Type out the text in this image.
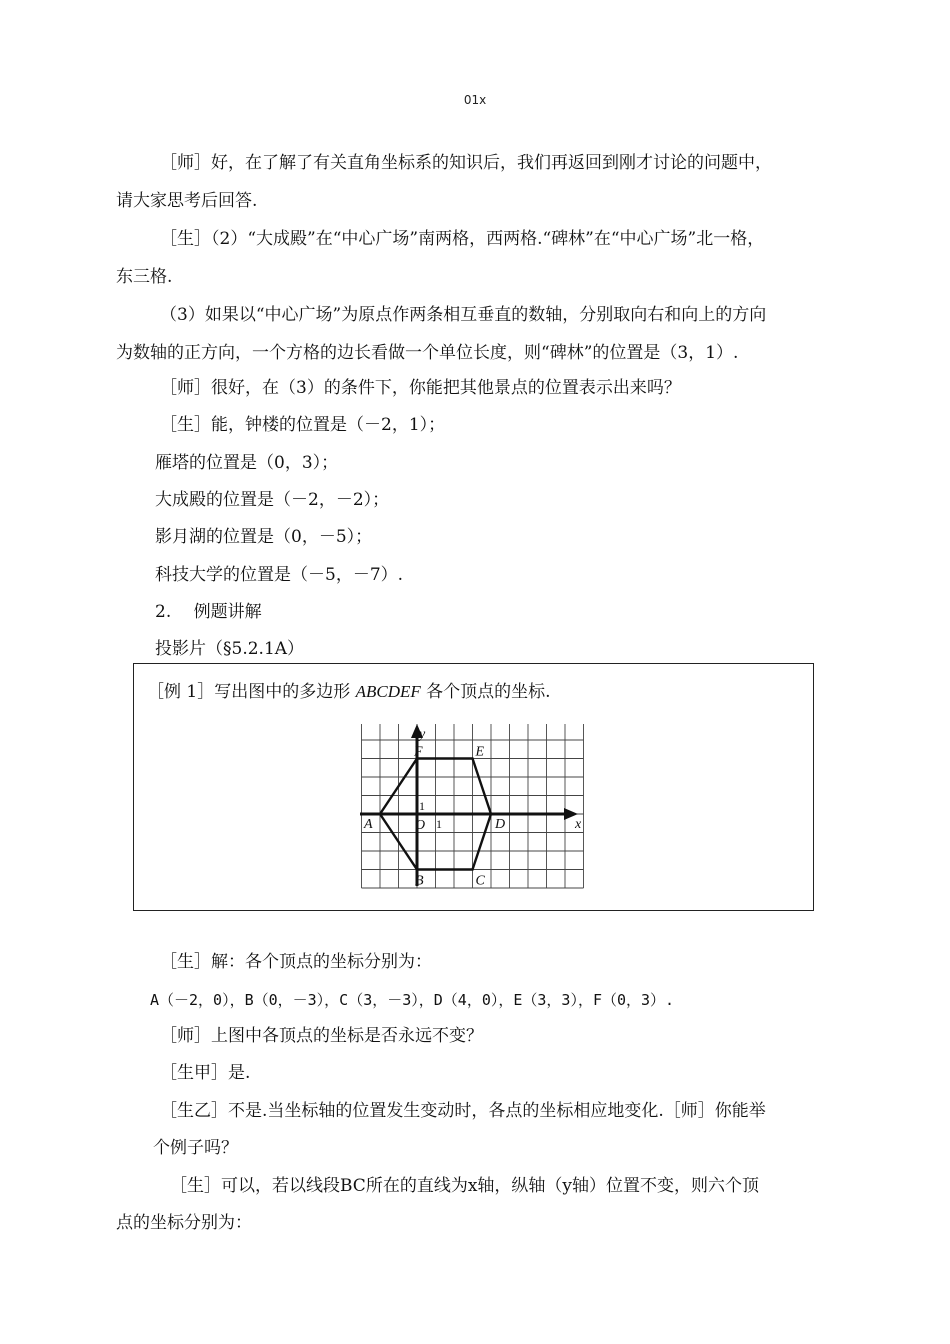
01x
［师］好，在了解了有关直角坐标系的知识后，我们再返回到刚才讨论的问题中，
请大家思考后回答.
［生］（2）“大成殿”在“中心广场”南两格，西两格.“碑林”在“中心广场”北一格，
东三格.
（3）如果以“中心广场”为原点作两条相互垂直的数轴，分别取向右和向上的方向
为数轴的正方向，一个方格的边长看做一个单位长度，则“碑林”的位置是（3，1）.
［师］很好，在（3）的条件下，你能把其他景点的位置表示出来吗？
［生］能，钟楼的位置是（－2，1）；
雁塔的位置是（0，3）；
大成殿的位置是（－2，－2）；
影月湖的位置是（0，－5）；
科技大学的位置是（－5，－7）.
2.　 例题讲解
投影片（§5.2.1A）
［例 1］写出图中的多边形 ABCDEF 各个顶点的坐标.
A
B	C
D
E
F
x
y
O 1
1
［生］解：各个顶点的坐标分别为：
A（－2，0），B（0，－3），C（3，－3），D（4，0），E（3，3），F（0，3）.
［师］上图中各顶点的坐标是否永远不变？
［生甲］是.
［生乙］不是.当坐标轴的位置发生变动时，各点的坐标相应地变化.［师］你能举
个例子吗？
［生］可以，若以线段BC所在的直线为x轴，纵轴（y轴）位置不变，则六个顶
点的坐标分别为：
